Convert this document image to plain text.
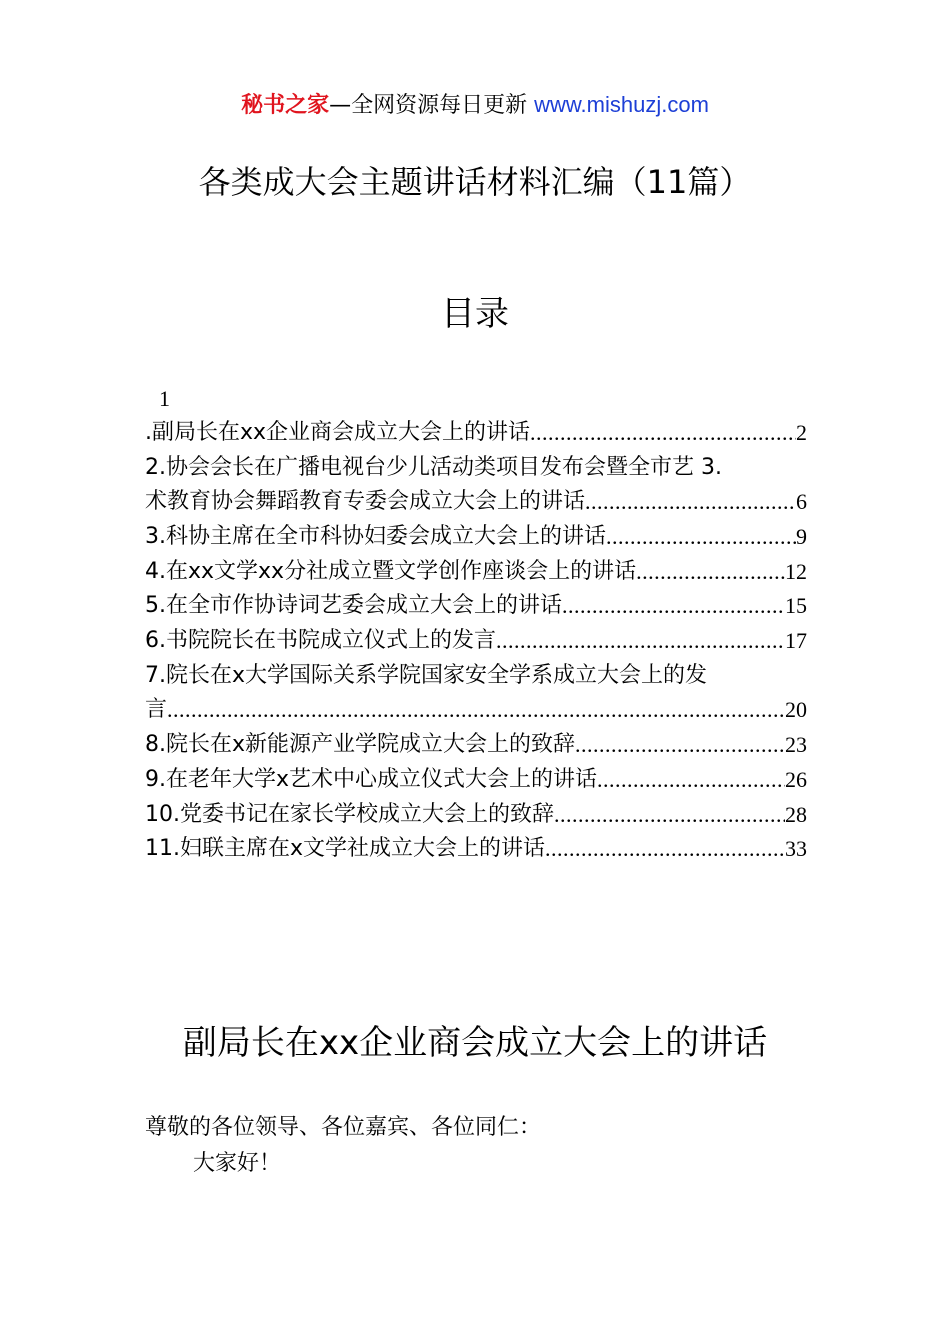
秘书之家—全网资源每日更新 www.mishuzj.com
各类成大会主题讲话材料汇编（11篇）
目录
1
.副局长在xx企业商会成立大会上的讲话 .....	2
2.协会会长在广播电视台少儿活动类项目发布会暨全市艺 3.
术教育协会舞蹈教育专委会成立大会上的讲话 .....	6
3.科协主席在全市科协妇委会成立大会上的讲话 .....	9
4.在xx文学xx分社成立暨文学创作座谈会上的讲话 .....	12
5.在全市作协诗词艺委会成立大会上的讲话 .....	15
6.书院院长在书院成立仪式上的发言 .....	17
7.院长在x大学国际关系学院国家安全学系成立大会上的发
言 .....	20
8.院长在x新能源产业学院成立大会上的致辞 .....	23
9.在老年大学x艺术中心成立仪式大会上的讲话 .....	26
10.党委书记在家长学校成立大会上的致辞 .....	28
11.妇联主席在x文学社成立大会上的讲话 .....	33
副局长在xx企业商会成立大会上的讲话
尊敬的各位领导、各位嘉宾、各位同仁：
大家好！
